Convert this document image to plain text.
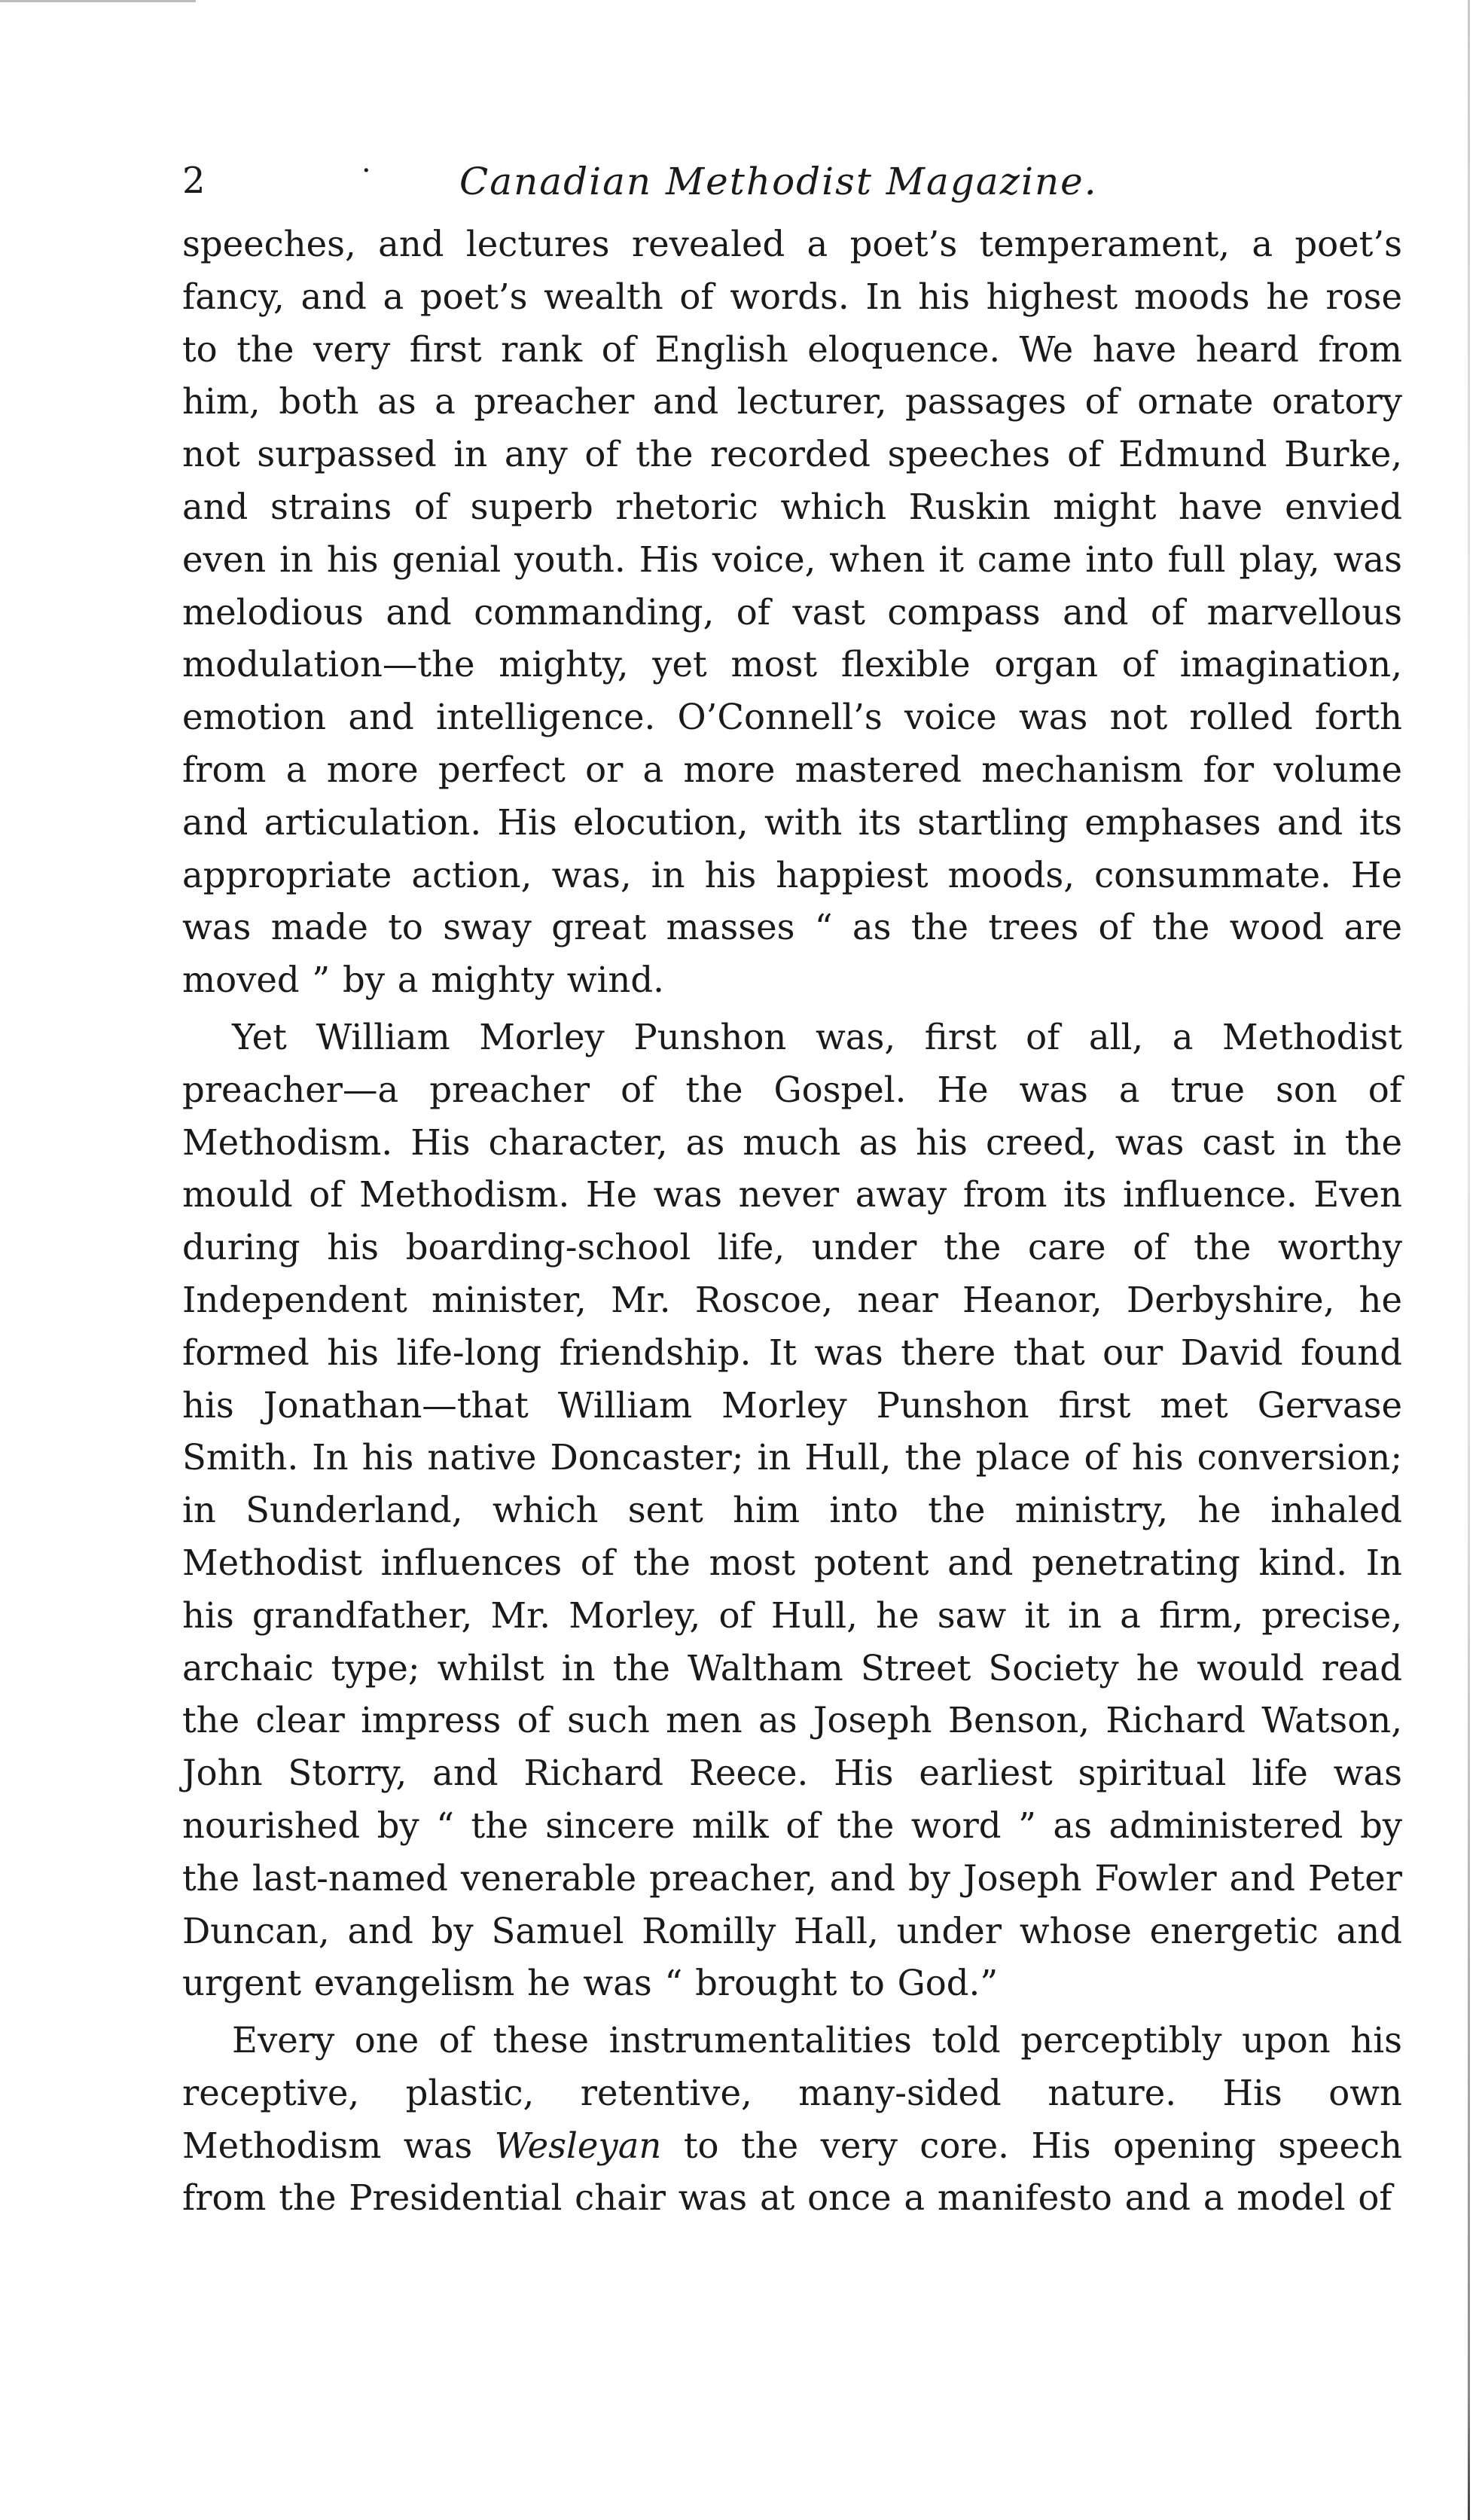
2	· Canadian Methodist Magazine.

speeches, and lectures revealed a poet’s temperament, a poet’s fancy, and a poet’s wealth of words. In his highest moods he rose to the very first rank of English eloquence. We have heard from him, both as a preacher and lecturer, passages of ornate oratory not surpassed in any of the recorded speeches of Edmund Burke, and strains of superb rhetoric which Ruskin might have envied even in his genial youth. His voice, when it came into full play, was melodious and commanding, of vast compass and of marvellous modulation—the mighty, yet most flexible organ of imagination, emotion and intelligence. O’Connell’s voice was not rolled forth from a more perfect or a more mastered mechanism for volume and articulation. His elocution, with its startling emphases and its appropriate action, was, in his happiest moods, consummate. He was made to sway great masses “ as the trees of the wood are moved ” by a mighty wind.

Yet William Morley Punshon was, first of all, a Methodist preacher—a preacher of the Gospel. He was a true son of Methodism. His character, as much as his creed, was cast in the mould of Methodism. He was never away from its influence. Even during his boarding-school life, under the care of the worthy Independent minister, Mr. Roscoe, near Heanor, Derbyshire, he formed his life-long friendship. It was there that our David found his Jonathan—that William Morley Punshon first met Gervase Smith. In his native Doncaster; in Hull, the place of his conversion; in Sunderland, which sent him into the ministry, he inhaled Methodist influences of the most potent and penetrating kind. In his grandfather, Mr. Morley, of Hull, he saw it in a firm, precise, archaic type; whilst in the Waltham Street Society he would read the clear impress of such men as Joseph Benson, Richard Watson, John Storry, and Richard Reece. His earliest spiritual life was nourished by “ the sincere milk of the word ” as administered by the last-named venerable preacher, and by Joseph Fowler and Peter Duncan, and by Samuel Romilly Hall, under whose energetic and urgent evangelism he was “ brought to God.”

Every one of these instrumentalities told perceptibly upon his receptive, plastic, retentive, many-sided nature. His own Methodism was Wesleyan to the very core. His opening speech from the Presidential chair was at once a manifesto and a model of
